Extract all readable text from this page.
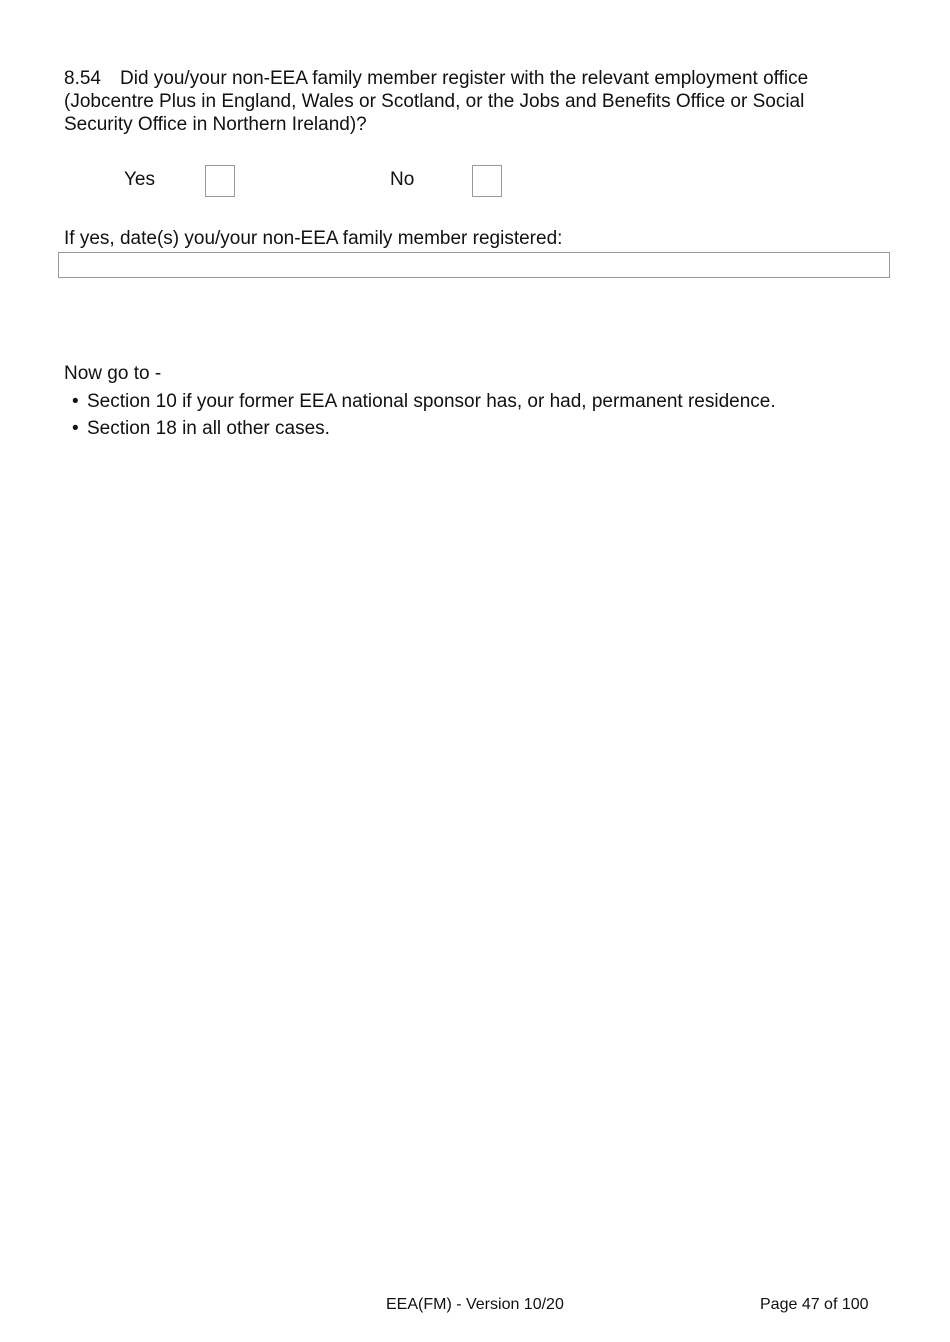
8.54 Did you/your non-EEA family member register with the relevant employment office (Jobcentre Plus in England, Wales or Scotland, or the Jobs and Benefits Office or Social Security Office in Northern Ireland)?
Yes	No
If yes, date(s) you/your non-EEA family member registered:
Now go to -
• Section 10 if your former EEA national sponsor has, or had, permanent residence.
• Section 18 in all other cases.
EEA(FM) - Version 10/20	Page 47 of 100
